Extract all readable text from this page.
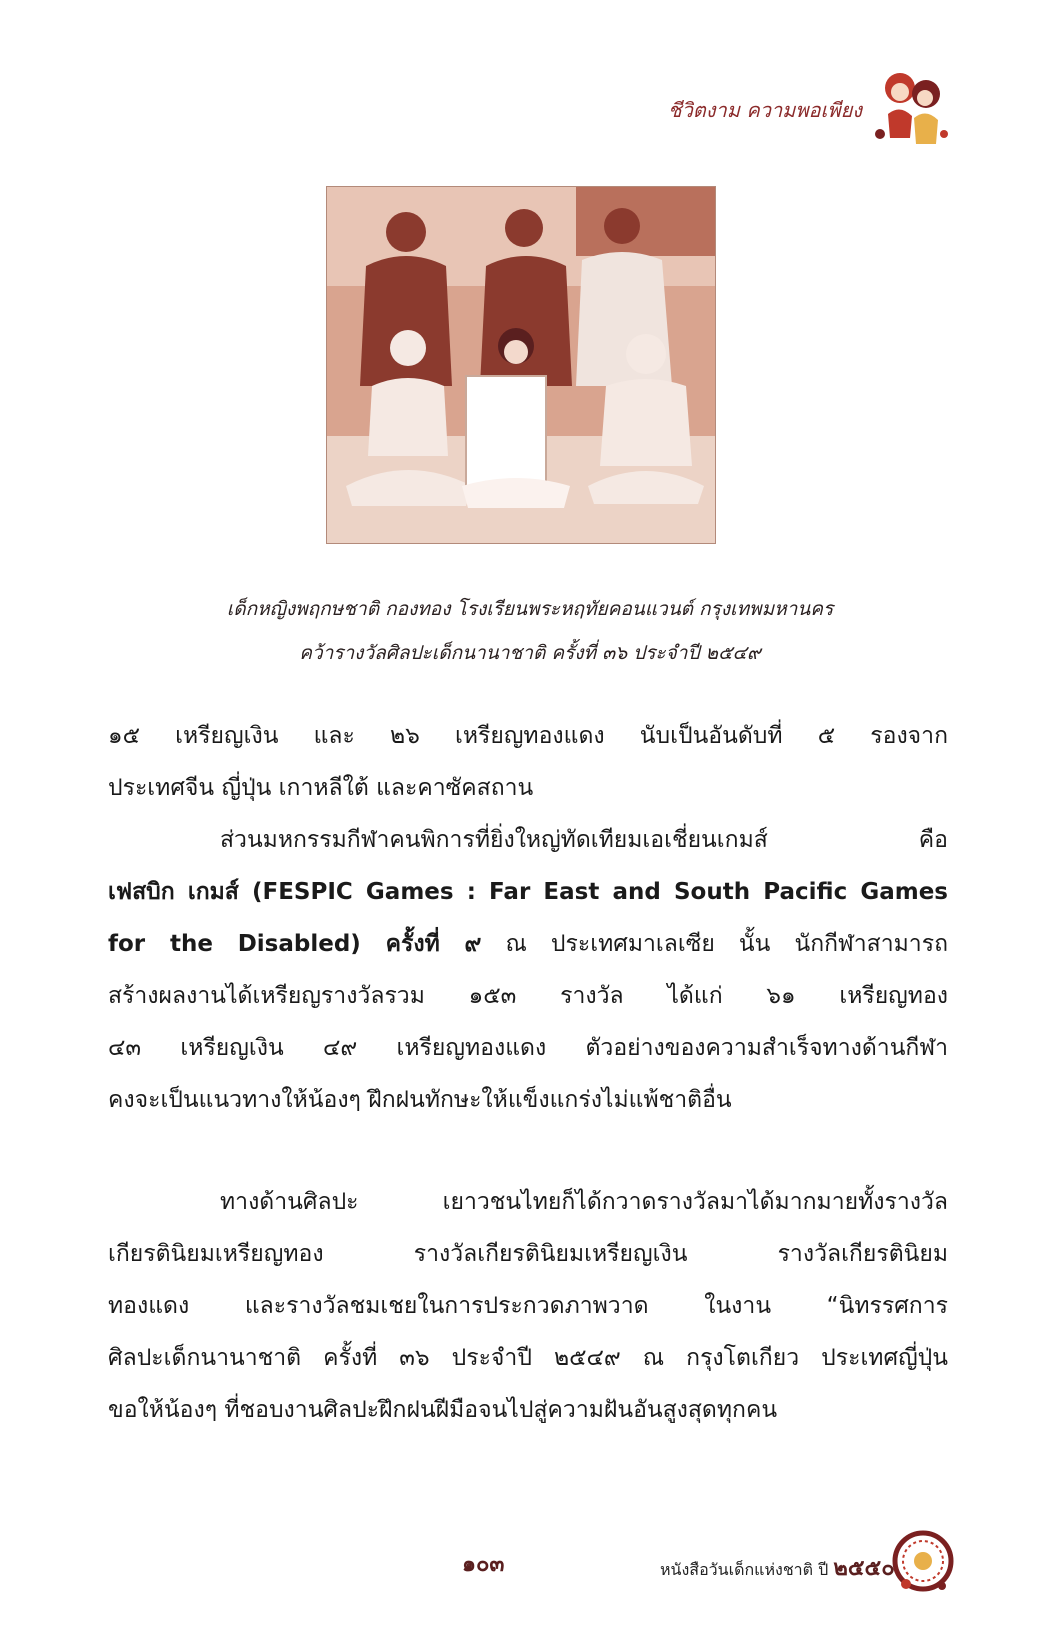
ชีวิตงาม ความพอเพียง
เด็กหญิงพฤกษชาติ กองทอง โรงเรียนพระหฤทัยคอนแวนต์ กรุงเทพมหานคร
คว้ารางวัลศิลปะเด็กนานาชาติ ครั้งที่ ๓๖ ประจำปี ๒๕๔๙
๑๕ เหรียญเงิน และ ๒๖ เหรียญทองแดง นับเป็นอันดับที่ ๕ รองจาก
ประเทศจีน ญี่ปุ่น เกาหลีใต้ และคาซัคสถาน
ส่วนมหกรรมกีฬาคนพิการที่ยิ่งใหญ่ทัดเทียมเอเชี่ยนเกมส์ คือ
เฟสบิก เกมส์ (FESPIC Games : Far East and South Pacific Games
for the Disabled) ครั้งที่ ๙ ณ ประเทศมาเลเซีย นั้น นักกีฬาสามารถ
สร้างผลงานได้เหรียญรางวัลรวม ๑๕๓ รางวัล ได้แก่ ๖๑ เหรียญทอง
๔๓ เหรียญเงิน ๔๙ เหรียญทองแดง ตัวอย่างของความสำเร็จทางด้านกีฬา
คงจะเป็นแนวทางให้น้องๆ ฝึกฝนทักษะให้แข็งแกร่งไม่แพ้ชาติอื่น
ทางด้านศิลปะ เยาวชนไทยก็ได้กวาดรางวัลมาได้มากมายทั้งรางวัล
เกียรตินิยมเหรียญทอง รางวัลเกียรตินิยมเหรียญเงิน รางวัลเกียรตินิยม
ทองแดง และรางวัลชมเชยในการประกวดภาพวาด ในงาน “นิทรรศการ
ศิลปะเด็กนานาชาติ ครั้งที่ ๓๖ ประจำปี ๒๕๔๙ ณ กรุงโตเกียว ประเทศญี่ปุ่น
ขอให้น้องๆ ที่ชอบงานศิลปะฝึกฝนฝีมือจนไปสู่ความฝันอันสูงสุดทุกคน
๑๐๓	หนังสือวันเด็กแห่งชาติ ปี ๒๕๕๐
